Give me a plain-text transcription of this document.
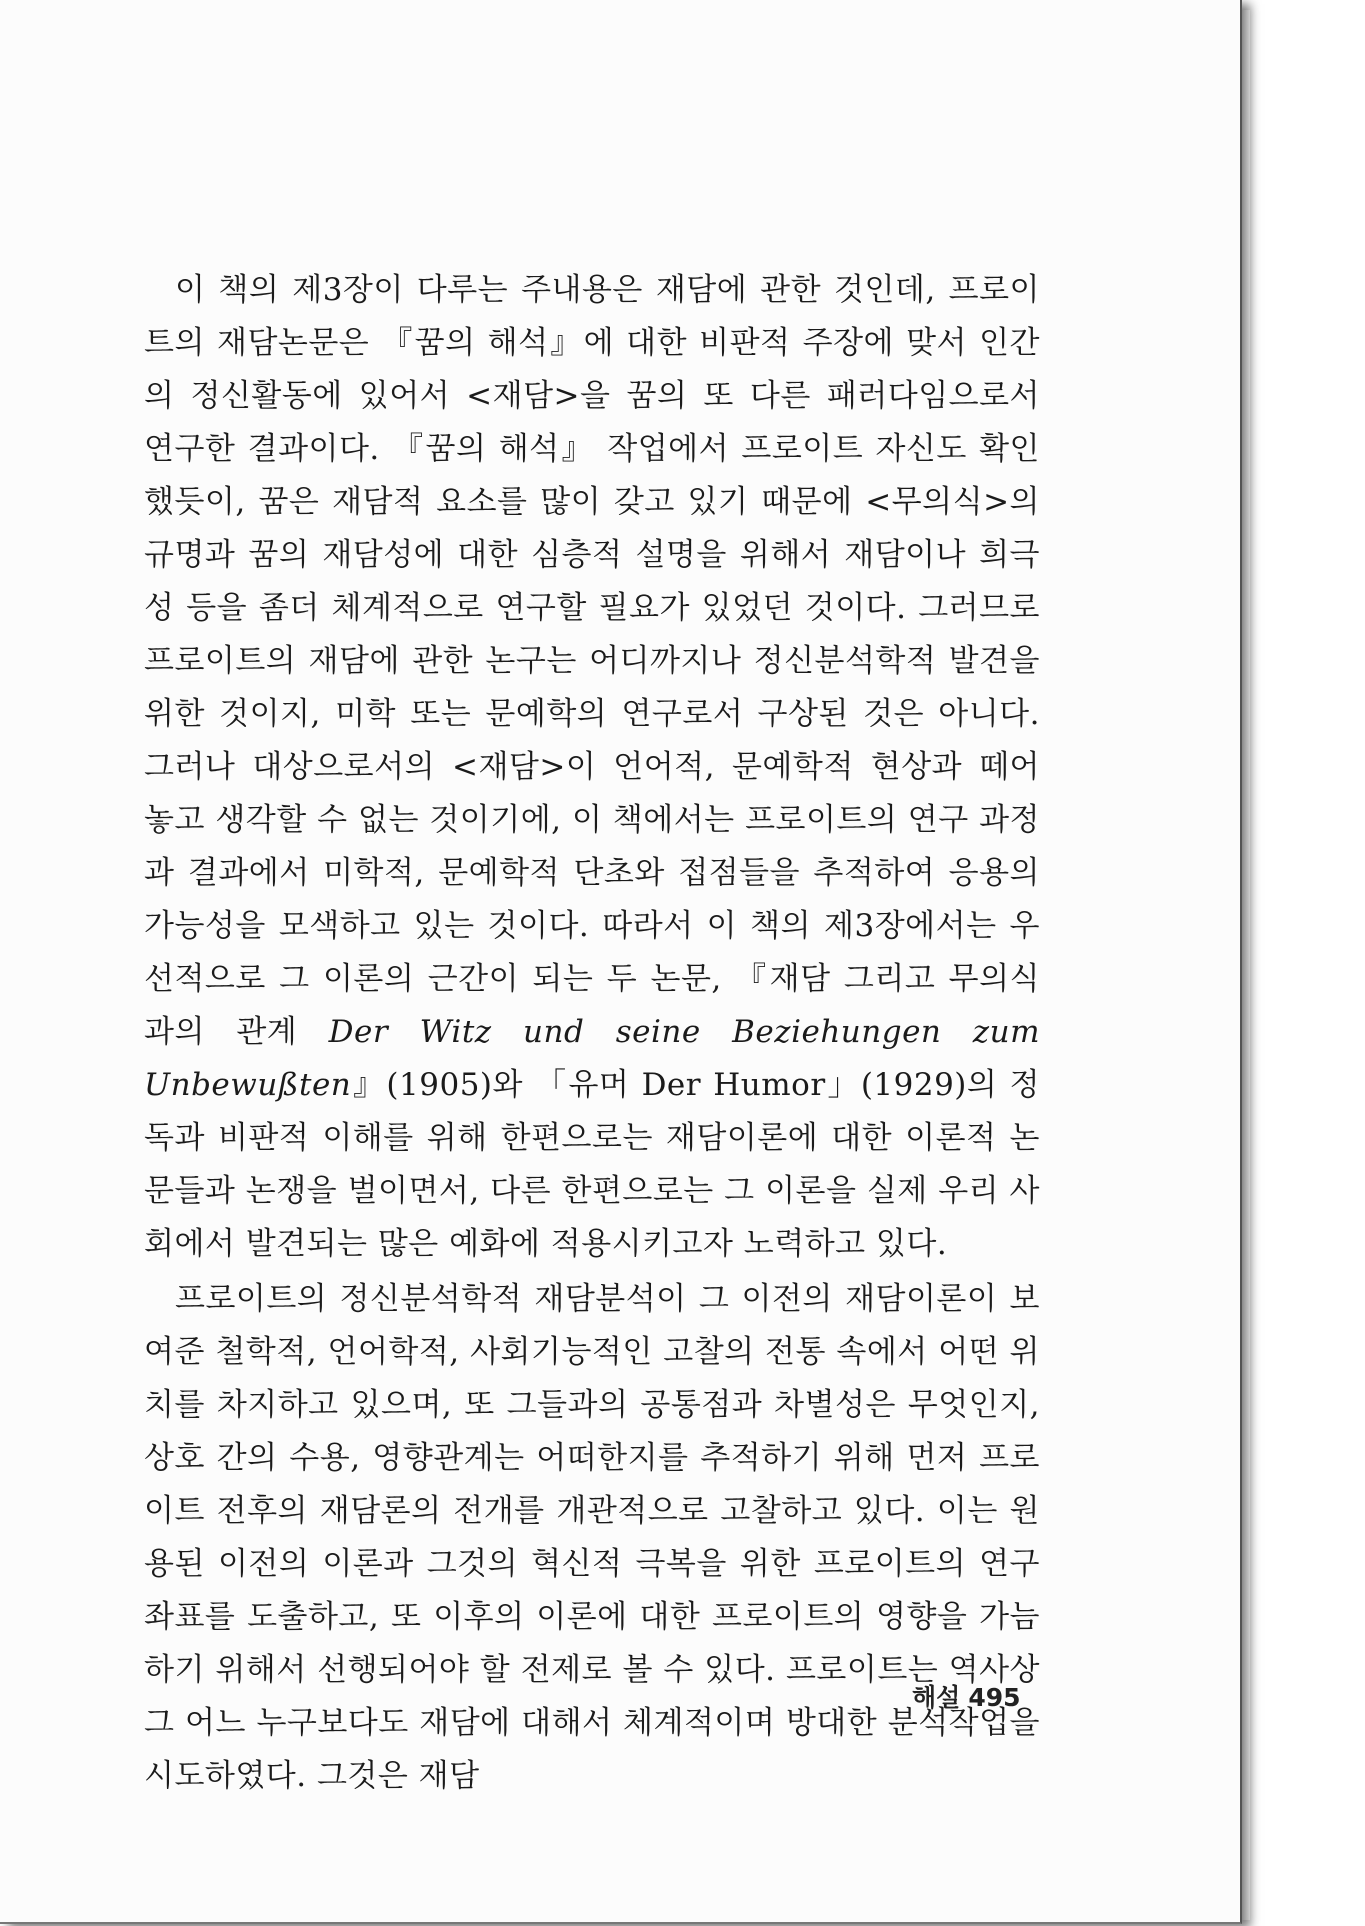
이 책의 제3장이 다루는 주내용은 재담에 관한 것인데, 프로이트의 재담논문은 『꿈의 해석』에 대한 비판적 주장에 맞서 인간의 정신활동에 있어서 <재담>을 꿈의 또 다른 패러다임으로서 연구한 결과이다. 『꿈의 해석』 작업에서 프로이트 자신도 확인했듯이, 꿈은 재담적 요소를 많이 갖고 있기 때문에 <무의식>의 규명과 꿈의 재담성에 대한 심층적 설명을 위해서 재담이나 희극성 등을 좀더 체계적으로 연구할 필요가 있었던 것이다. 그러므로 프로이트의 재담에 관한 논구는 어디까지나 정신분석학적 발견을 위한 것이지, 미학 또는 문예학의 연구로서 구상된 것은 아니다. 그러나 대상으로서의 <재담>이 언어적, 문예학적 현상과 떼어 놓고 생각할 수 없는 것이기에, 이 책에서는 프로이트의 연구 과정과 결과에서 미학적, 문예학적 단초와 접점들을 추적하여 응용의 가능성을 모색하고 있는 것이다. 따라서 이 책의 제3장에서는 우선적으로 그 이론의 근간이 되는 두 논문, 『재담 그리고 무의식과의 관계 Der Witz und seine Beziehungen zum Unbewußten』(1905)와 「유머 Der Humor」(1929)의 정독과 비판적 이해를 위해 한편으로는 재담이론에 대한 이론적 논문들과 논쟁을 벌이면서, 다른 한편으로는 그 이론을 실제 우리 사회에서 발견되는 많은 예화에 적용시키고자 노력하고 있다.

프로이트의 정신분석학적 재담분석이 그 이전의 재담이론이 보여준 철학적, 언어학적, 사회기능적인 고찰의 전통 속에서 어떤 위치를 차지하고 있으며, 또 그들과의 공통점과 차별성은 무엇인지, 상호 간의 수용, 영향관계는 어떠한지를 추적하기 위해 먼저 프로이트 전후의 재담론의 전개를 개관적으로 고찰하고 있다. 이는 원용된 이전의 이론과 그것의 혁신적 극복을 위한 프로이트의 연구좌표를 도출하고, 또 이후의 이론에 대한 프로이트의 영향을 가늠하기 위해서 선행되어야 할 전제로 볼 수 있다. 프로이트는 역사상 그 어느 누구보다도 재담에 대해서 체계적이며 방대한 분석작업을 시도하였다. 그것은 재담

해설 495
